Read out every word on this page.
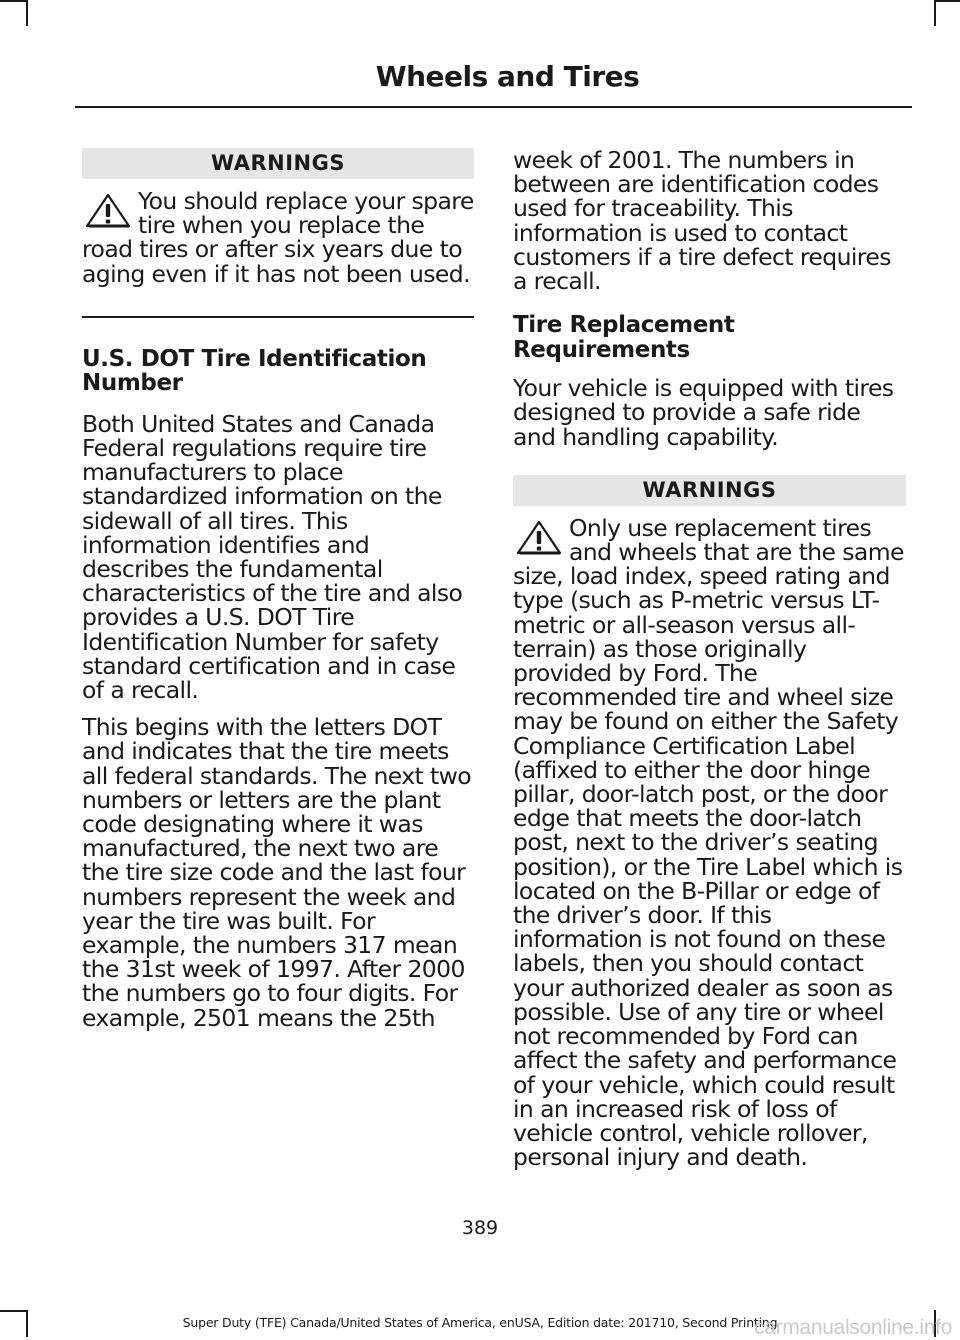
Wheels and Tires
WARNINGS
You should replace your spare tire when you replace the road tires or after six years due to aging even if it has not been used.
U.S. DOT Tire Identification Number

Both United States and Canada Federal regulations require tire manufacturers to place standardized information on the sidewall of all tires. This information identifies and describes the fundamental characteristics of the tire and also provides a U.S. DOT Tire Identification Number for safety standard certification and in case of a recall.

This begins with the letters DOT and indicates that the tire meets all federal standards. The next two numbers or letters are the plant code designating where it was manufactured, the next two are the tire size code and the last four numbers represent the week and year the tire was built. For example, the numbers 317 mean the 31st week of 1997. After 2000 the numbers go to four digits. For example, 2501 means the 25th

week of 2001. The numbers in between are identification codes used for traceability. This information is used to contact customers if a tire defect requires a recall.

Tire Replacement Requirements

Your vehicle is equipped with tires designed to provide a safe ride and handling capability.

WARNINGS
Only use replacement tires and wheels that are the same size, load index, speed rating and type (such as P-metric versus LT-metric or all-season versus all-terrain) as those originally provided by Ford. The recommended tire and wheel size may be found on either the Safety Compliance Certification Label (affixed to either the door hinge pillar, door-latch post, or the door edge that meets the door-latch post, next to the driver’s seating position), or the Tire Label which is located on the B-Pillar or edge of the driver’s door. If this information is not found on these labels, then you should contact your authorized dealer as soon as possible. Use of any tire or wheel not recommended by Ford can affect the safety and performance of your vehicle, which could result in an increased risk of loss of vehicle control, vehicle rollover, personal injury and death.
389
Super Duty (TFE) Canada/United States of America, enUSA, Edition date: 201710, Second Printing
carmanualsonline.info
